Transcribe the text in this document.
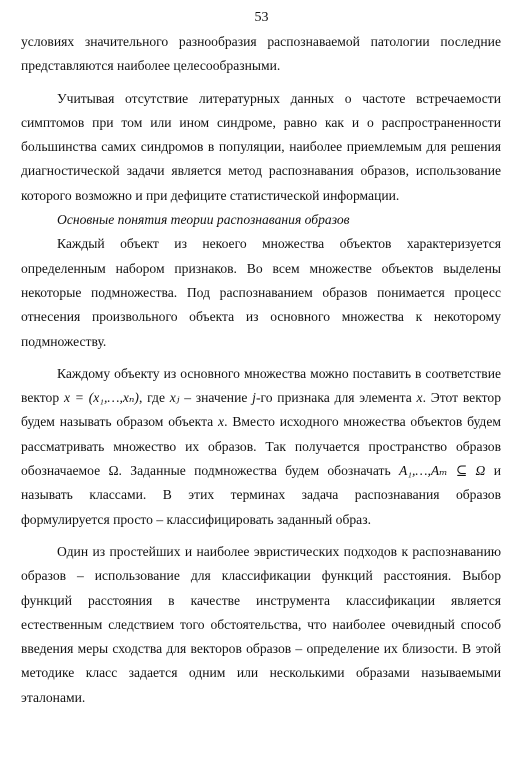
53

условиях значительного разнообразия распознаваемой патологии последние представляются наиболее целесообразными.

Учитывая отсутствие литературных данных о частоте встречаемости симптомов при том или ином синдроме, равно как и о распространенности большинства самих синдромов в популяции, наиболее приемлемым для решения диагностической задачи является метод распознавания образов, использование которого возможно и при дефиците статистической информации.

Основные понятия теории распознавания образов

Каждый объект из некоего множества объектов характеризуется определенным набором признаков. Во всем множестве объектов выделены некоторые подмножества. Под распознаванием образов понимается процесс отнесения произвольного объекта из основного множества к некоторому подмножеству.

Каждому объекту из основного множества можно поставить в соответствие вектор x = (x₁,…,xₙ), где xⱼ – значение j-го признака для элемента x. Этот вектор будем называть образом объекта x. Вместо исходного множества объектов будем рассматривать множество их образов. Так получается пространство образов обозначаемое Ω. Заданные подмножества будем обозначать A₁,…,Aₘ ⊆ Ω и называть классами. В этих терминах задача распознавания образов формулируется просто – классифицировать заданный образ.

Один из простейших и наиболее эвристических подходов к распознаванию образов – использование для классификации функций расстояния. Выбор функций расстояния в качестве инструмента классификации является естественным следствием того обстоятельства, что наиболее очевидный способ введения меры сходства для векторов образов – определение их близости. В этой методике класс задается одним или несколькими образами называемыми эталонами.
